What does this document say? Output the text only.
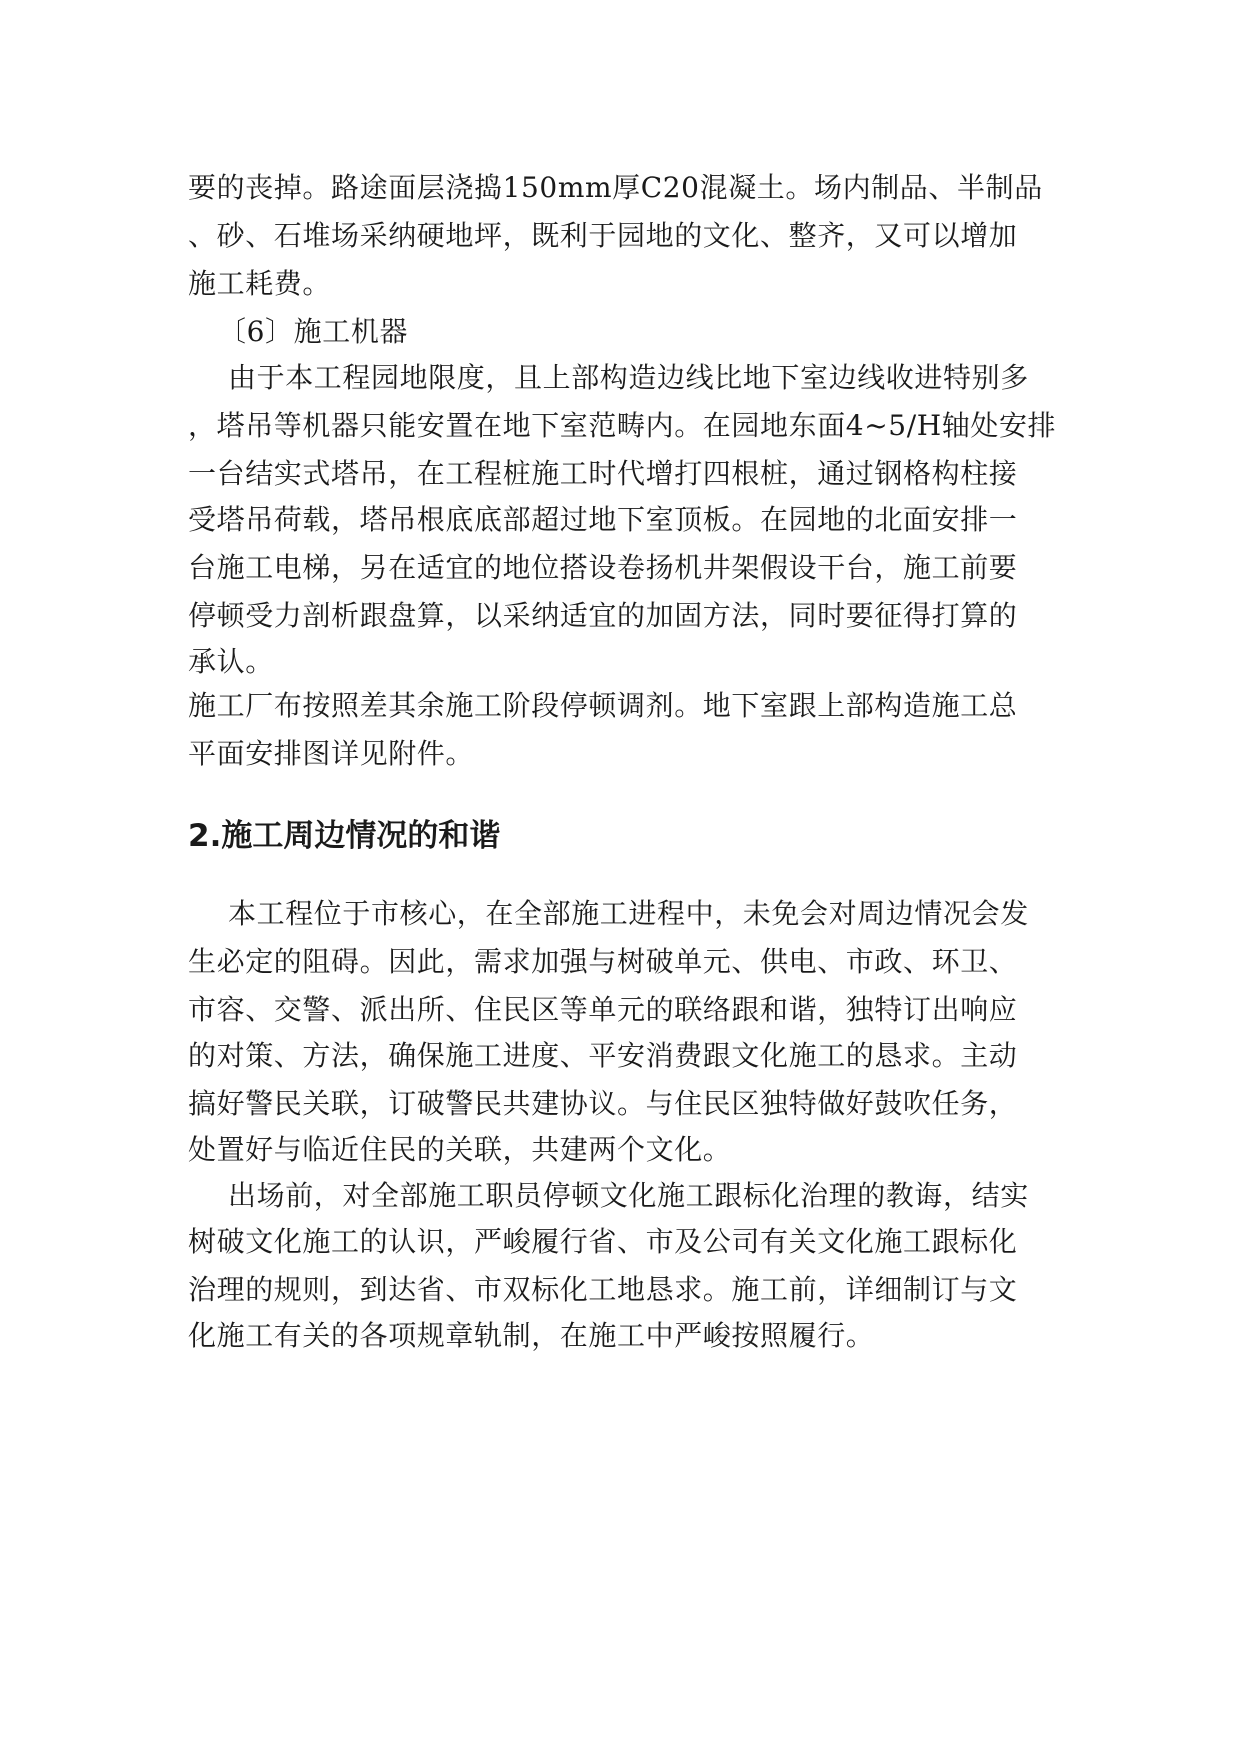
要的丧掉。路途面层浇捣150mm厚C20混凝土。场内制品、半制品
、砂、石堆场采纳硬地坪，既利于园地的文化、整齐，又可以增加
施工耗费。
〔6〕施工机器
由于本工程园地限度，且上部构造边线比地下室边线收进特别多
，塔吊等机器只能安置在地下室范畴内。在园地东面4~5/H轴处安排
一台结实式塔吊，在工程桩施工时代增打四根桩，通过钢格构柱接
受塔吊荷载，塔吊根底底部超过地下室顶板。在园地的北面安排一
台施工电梯，另在适宜的地位搭设卷扬机井架假设干台，施工前要
停顿受力剖析跟盘算，以采纳适宜的加固方法，同时要征得打算的
承认。
施工厂布按照差其余施工阶段停顿调剂。地下室跟上部构造施工总
平面安排图详见附件。
2.施工周边情况的和谐
本工程位于市核心，在全部施工进程中，未免会对周边情况会发
生必定的阻碍。因此，需求加强与树破单元、供电、市政、环卫、
市容、交警、派出所、住民区等单元的联络跟和谐，独特订出响应
的对策、方法，确保施工进度、平安消费跟文化施工的恳求。主动
搞好警民关联，订破警民共建协议。与住民区独特做好鼓吹任务，
处置好与临近住民的关联，共建两个文化。
出场前，对全部施工职员停顿文化施工跟标化治理的教诲，结实
树破文化施工的认识，严峻履行省、市及公司有关文化施工跟标化
治理的规则，到达省、市双标化工地恳求。施工前，详细制订与文
化施工有关的各项规章轨制，在施工中严峻按照履行。
